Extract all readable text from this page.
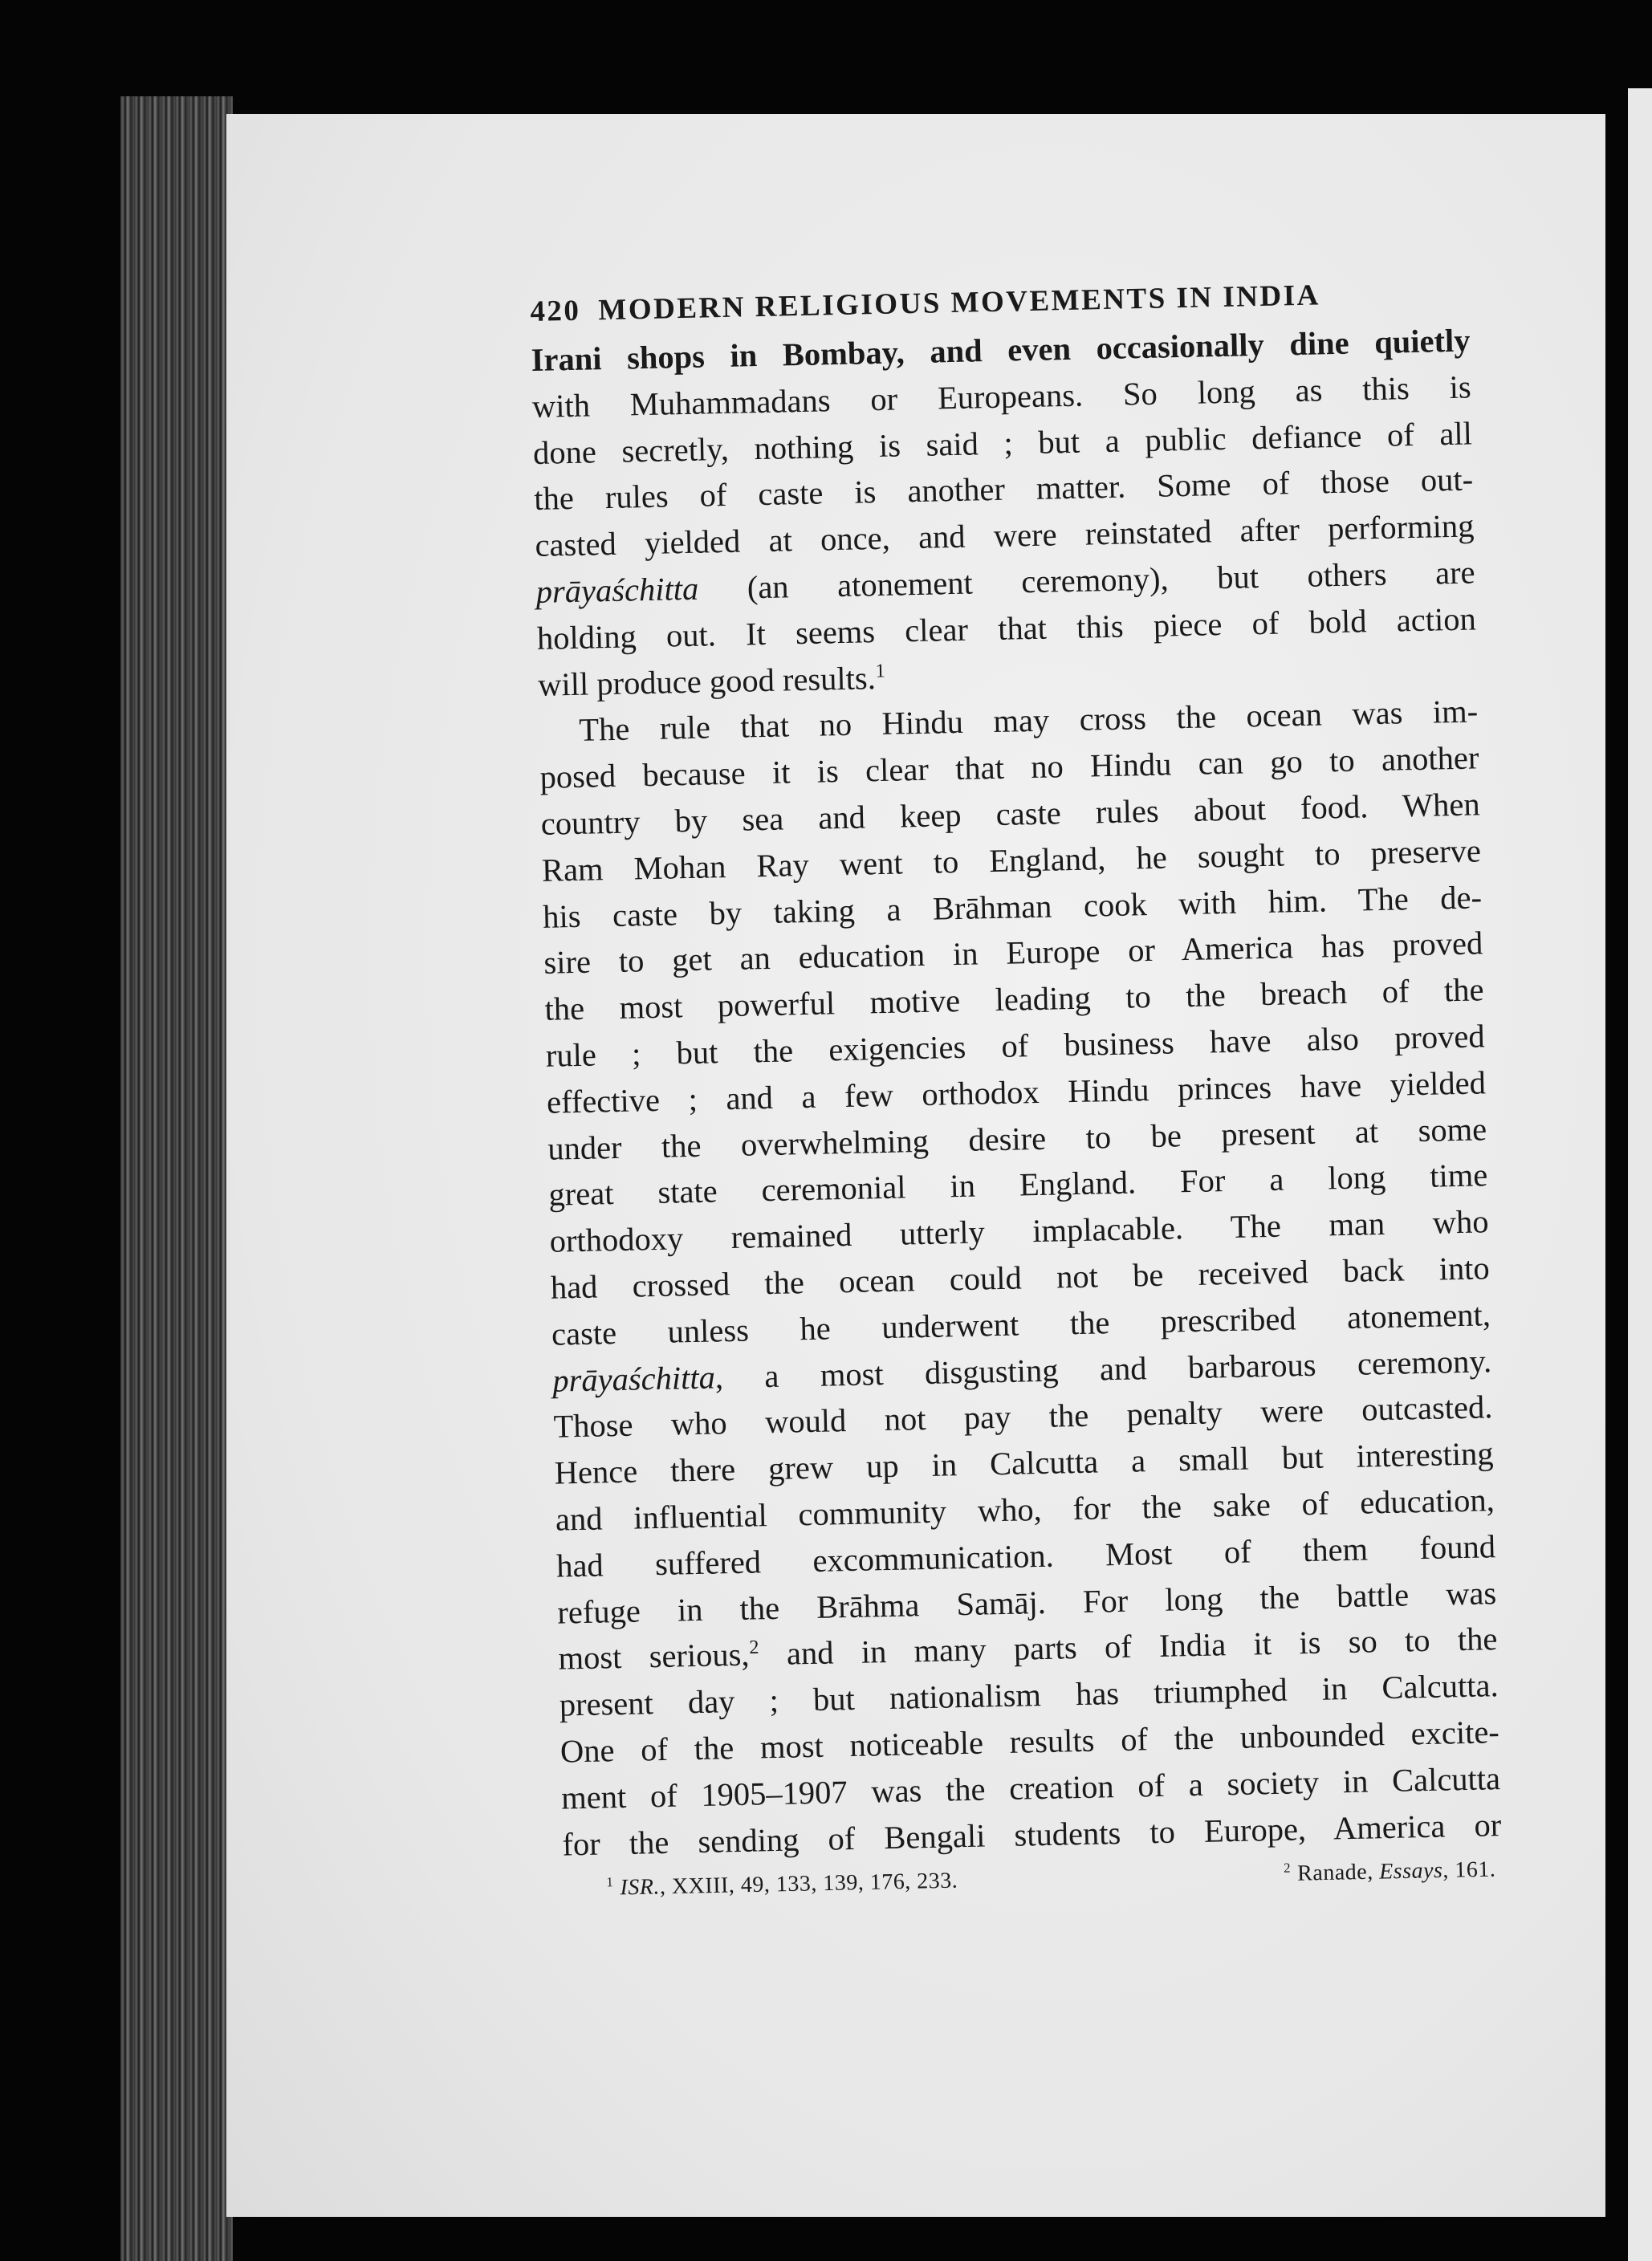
420 MODERN RELIGIOUS MOVEMENTS IN INDIA
Irani shops in Bombay, and even occasionally dine quietly
with Muhammadans or Europeans. So long as this is
done secretly, nothing is said ; but a public defiance of all
the rules of caste is another matter. Some of those out-
casted yielded at once, and were reinstated after performing
prāyaśchitta (an atonement ceremony), but others are
holding out. It seems clear that this piece of bold action
will produce good results.$^1$
The rule that no Hindu may cross the ocean was im-
posed because it is clear that no Hindu can go to another
country by sea and keep caste rules about food. When
Ram Mohan Ray went to England, he sought to preserve
his caste by taking a Brāhman cook with him. The de-
sire to get an education in Europe or America has proved
the most powerful motive leading to the breach of the
rule ; but the exigencies of business have also proved
effective ; and a few orthodox Hindu princes have yielded
under the overwhelming desire to be present at some
great state ceremonial in England. For a long time
orthodoxy remained utterly implacable. The man who
had crossed the ocean could not be received back into
caste unless he underwent the prescribed atonement,
prāyaśchitta, a most disgusting and barbarous ceremony.
Those who would not pay the penalty were outcasted.
Hence there grew up in Calcutta a small but interesting
and influential community who, for the sake of education,
had suffered excommunication. Most of them found
refuge in the Brāhma Samāj. For long the battle was
most serious,$^2$ and in many parts of India it is so to the
present day ; but nationalism has triumphed in Calcutta.
One of the most noticeable results of the unbounded excite-
ment of 1905–1907 was the creation of a society in Calcutta
for the sending of Bengali students to Europe, America or
$^1$ ISR., XXIII, 49, 133, 139, 176, 233.
$^2$ Ranade, Essays, 161.
